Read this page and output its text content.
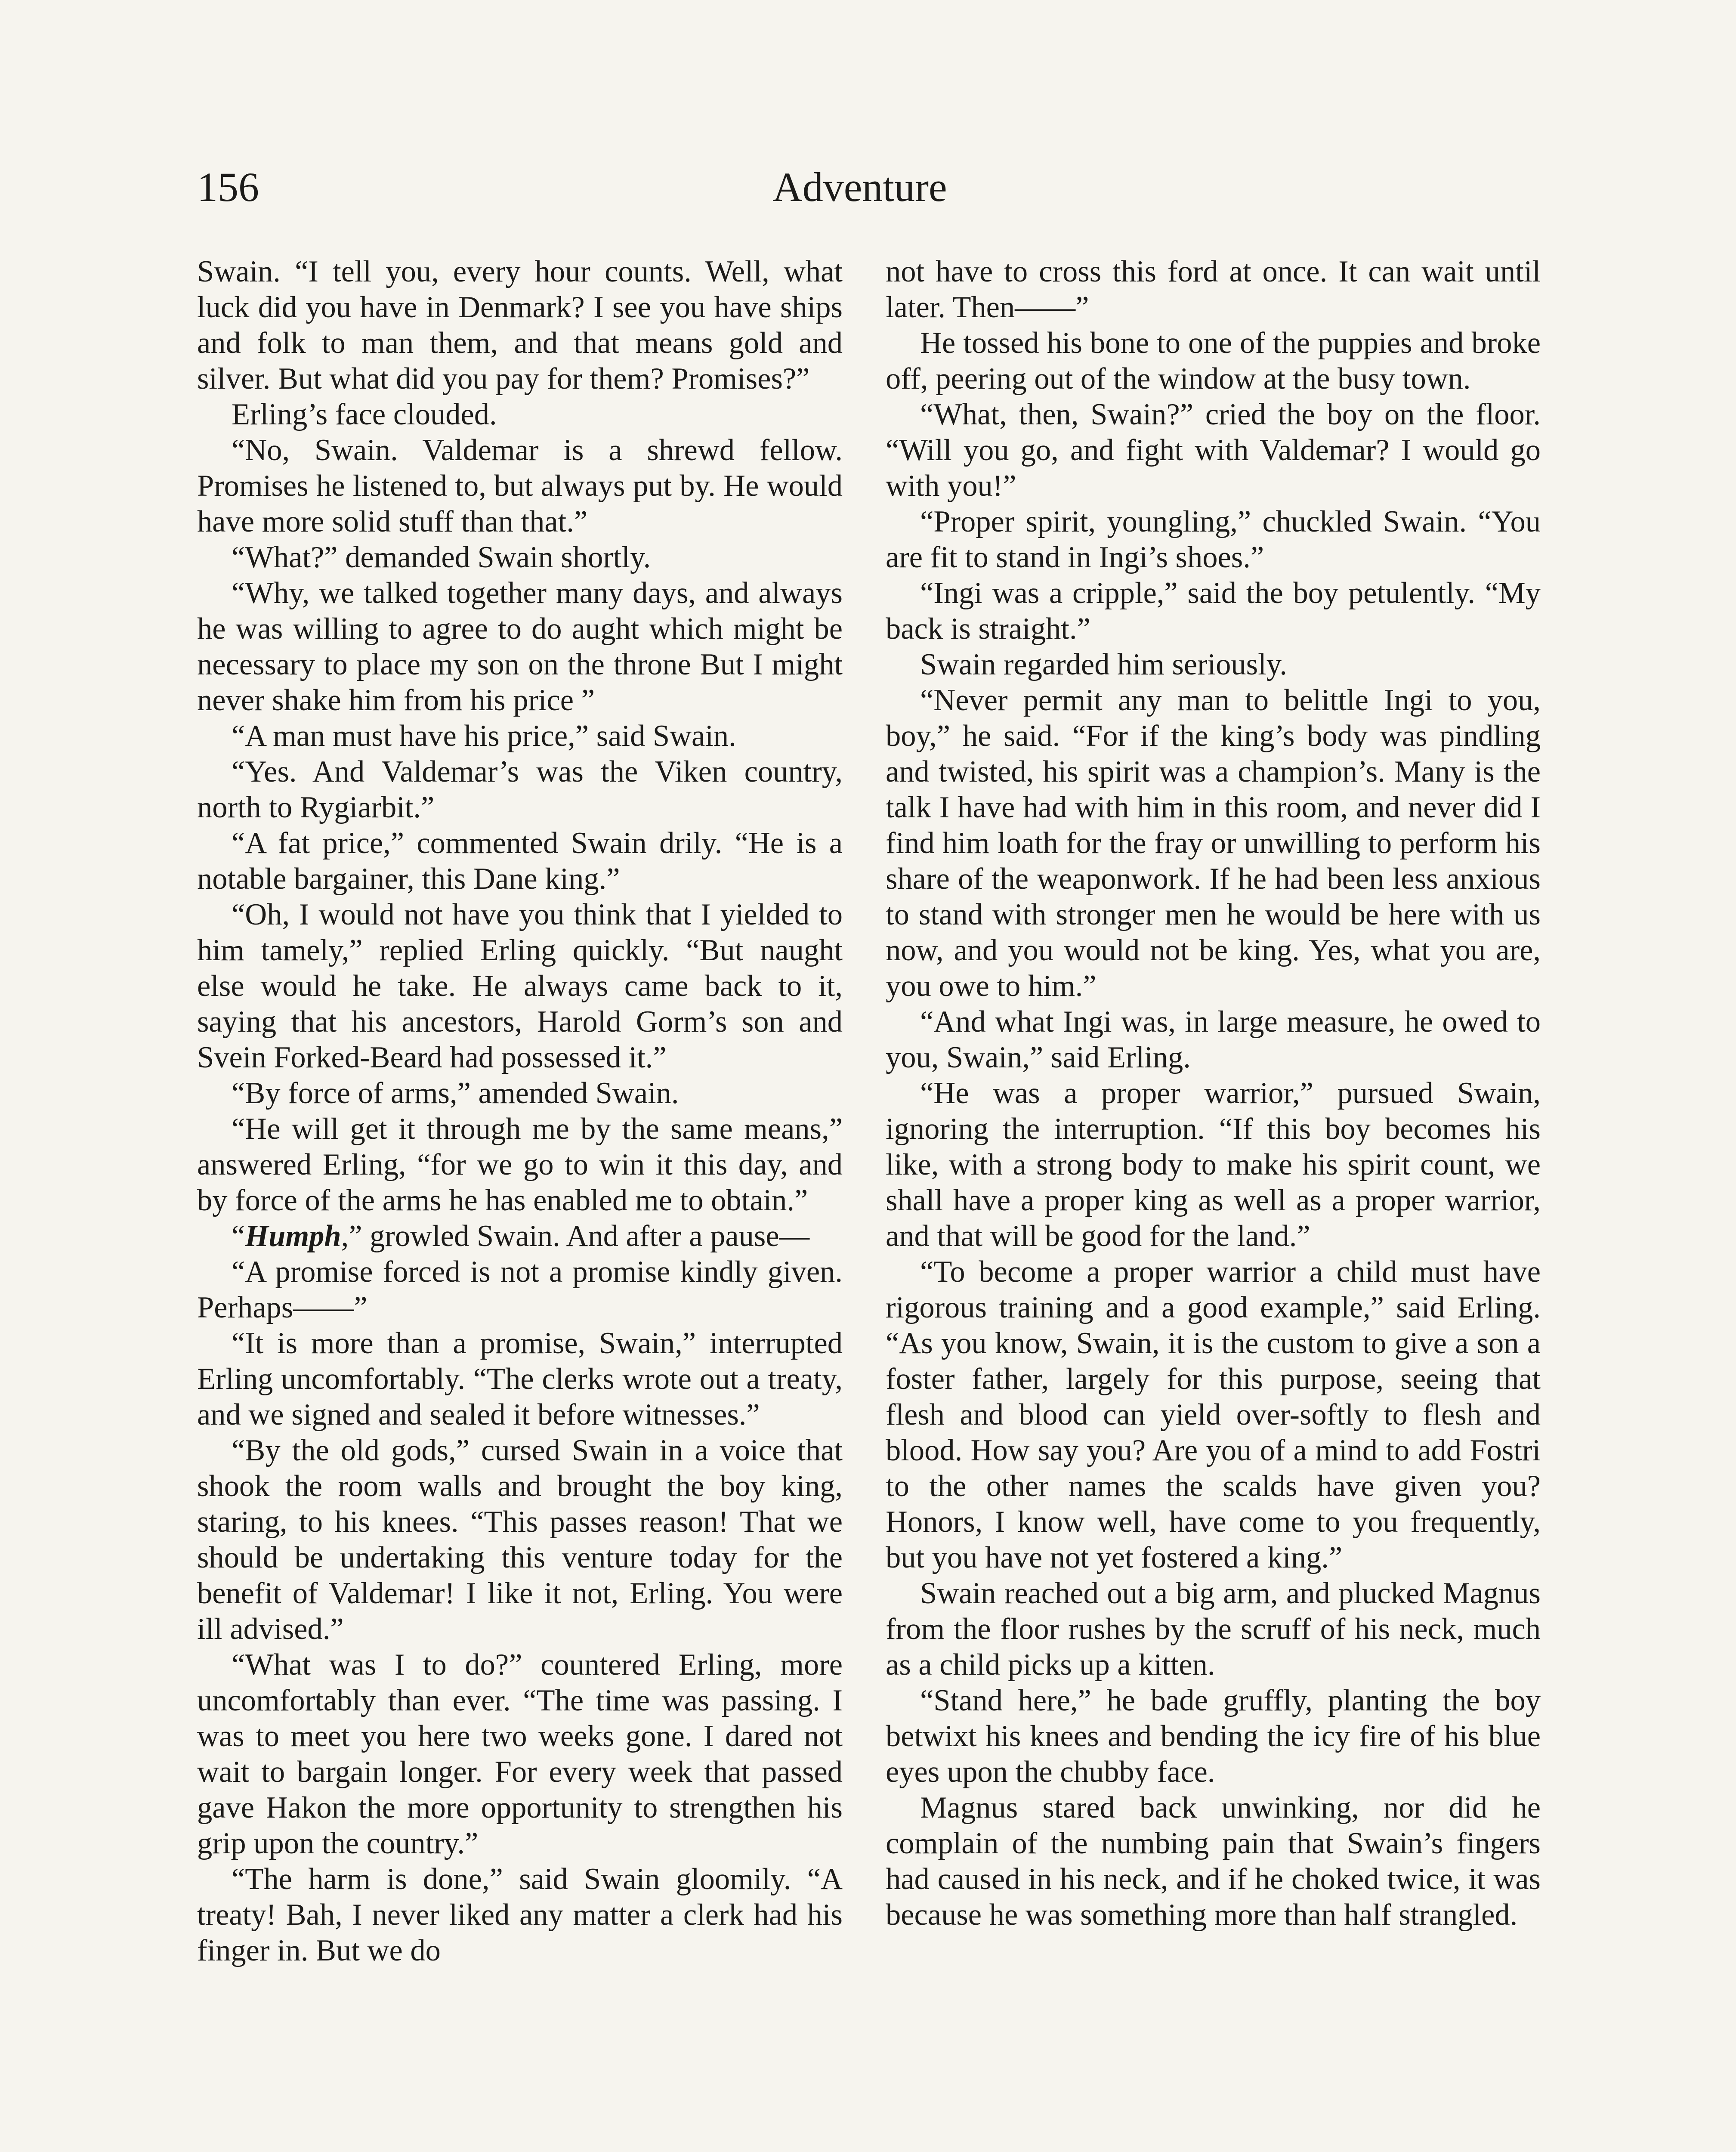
156	Adventure

Swain. “I tell you, every hour counts. Well, what luck did you have in Denmark? I see you have ships and folk to man them, and that means gold and silver. But what did you pay for them? Promises?”

Erling’s face clouded.

“No, Swain. Valdemar is a shrewd fellow. Promises he listened to, but always put by. He would have more solid stuff than that.”

“What?” demanded Swain shortly.

“Why, we talked together many days, and always he was willing to agree to do aught which might be necessary to place my son on the throne But I might never shake him from his price ”

“A man must have his price,” said Swain.

“Yes. And Valdemar’s was the Viken country, north to Rygiarbit.”

“A fat price,” commented Swain drily. “He is a notable bargainer, this Dane king.”

“Oh, I would not have you think that I yielded to him tamely,” replied Erling quickly. “But naught else would he take. He always came back to it, saying that his ancestors, Harold Gorm’s son and Svein Forked-Beard had possessed it.”

“By force of arms,” amended Swain.

“He will get it through me by the same means,” answered Erling, “for we go to win it this day, and by force of the arms he has enabled me to obtain.”

“Humph,” growled Swain. And after a pause—

“A promise forced is not a promise kindly given. Perhaps——”

“It is more than a promise, Swain,” interrupted Erling uncomfortably. “The clerks wrote out a treaty, and we signed and sealed it before witnesses.”

“By the old gods,” cursed Swain in a voice that shook the room walls and brought the boy king, staring, to his knees. “This passes reason! That we should be undertaking this venture today for the benefit of Valdemar! I like it not, Erling. You were ill advised.”

“What was I to do?” countered Erling, more uncomfortably than ever. “The time was passing. I was to meet you here two weeks gone. I dared not wait to bargain longer. For every week that passed gave Hakon the more opportunity to strengthen his grip upon the country.”

“The harm is done,” said Swain gloomily. “A treaty! Bah, I never liked any matter a clerk had his finger in. But we do

not have to cross this ford at once. It can wait until later. Then——”

He tossed his bone to one of the puppies and broke off, peering out of the window at the busy town.

“What, then, Swain?” cried the boy on the floor. “Will you go, and fight with Valdemar? I would go with you!”

“Proper spirit, youngling,” chuckled Swain. “You are fit to stand in Ingi’s shoes.”

“Ingi was a cripple,” said the boy petulently. “My back is straight.”

Swain regarded him seriously.

“Never permit any man to belittle Ingi to you, boy,” he said. “For if the king’s body was pindling and twisted, his spirit was a champion’s. Many is the talk I have had with him in this room, and never did I find him loath for the fray or unwilling to perform his share of the weaponwork. If he had been less anxious to stand with stronger men he would be here with us now, and you would not be king. Yes, what you are, you owe to him.”

“And what Ingi was, in large measure, he owed to you, Swain,” said Erling.

“He was a proper warrior,” pursued Swain, ignoring the interruption. “If this boy becomes his like, with a strong body to make his spirit count, we shall have a proper king as well as a proper warrior, and that will be good for the land.”

“To become a proper warrior a child must have rigorous training and a good example,” said Erling. “As you know, Swain, it is the custom to give a son a foster father, largely for this purpose, seeing that flesh and blood can yield over-softly to flesh and blood. How say you? Are you of a mind to add Fostri to the other names the scalds have given you? Honors, I know well, have come to you frequently, but you have not yet fostered a king.”

Swain reached out a big arm, and plucked Magnus from the floor rushes by the scruff of his neck, much as a child picks up a kitten.

“Stand here,” he bade gruffly, planting the boy betwixt his knees and bending the icy fire of his blue eyes upon the chubby face.

Magnus stared back unwinking, nor did he complain of the numbing pain that Swain’s fingers had caused in his neck, and if he choked twice, it was because he was something more than half strangled.
